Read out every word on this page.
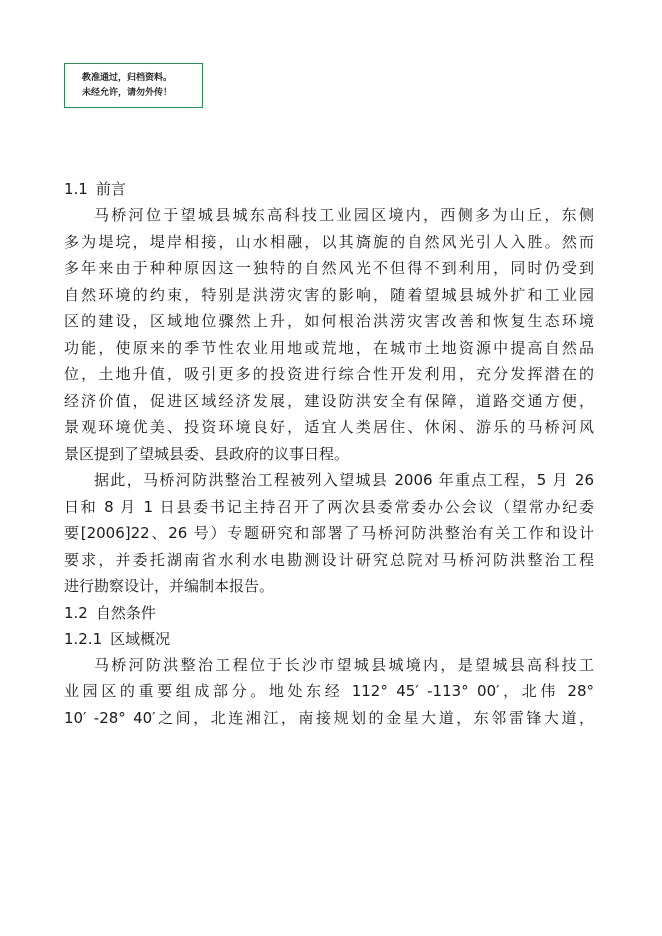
教准通过，归档资料。
未经允许，请勿外传！
1.1 前言
马桥河位于望城县城东高科技工业园区境内，西侧多为山丘，东侧
多为堤垸，堤岸相接，山水相融，以其旖旎的自然风光引人入胜。然而
多年来由于种种原因这一独特的自然风光不但得不到利用，同时仍受到
自然环境的约束，特别是洪涝灾害的影响，随着望城县城外扩和工业园
区的建设，区域地位骤然上升，如何根治洪涝灾害改善和恢复生态环境
功能，使原来的季节性农业用地或荒地，在城市土地资源中提高自然品
位，土地升值，吸引更多的投资进行综合性开发利用，充分发挥潜在的
经济价值，促进区域经济发展，建设防洪安全有保障，道路交通方便，
景观环境优美、投资环境良好，适宜人类居住、休闲、游乐的马桥河风
景区提到了望城县委、县政府的议事日程。
据此，马桥河防洪整治工程被列入望城县 2006 年重点工程，5 月 26
日和 8 月 1 日县委书记主持召开了两次县委常委办公会议（望常办纪委
要[2006]22、26 号）专题研究和部署了马桥河防洪整治有关工作和设计
要求，并委托湖南省水利水电勘测设计研究总院对马桥河防洪整治工程
进行勘察设计，并编制本报告。
1.2 自然条件
1.2.1 区域概况
马桥河防洪整治工程位于长沙市望城县城境内，是望城县高科技工
业园区的重要组成部分。地处东经 112° 45′ -113° 00′，北伟 28°
10′ -28° 40′之间，北连湘江，南接规划的金星大道，东邻雷锋大道，
